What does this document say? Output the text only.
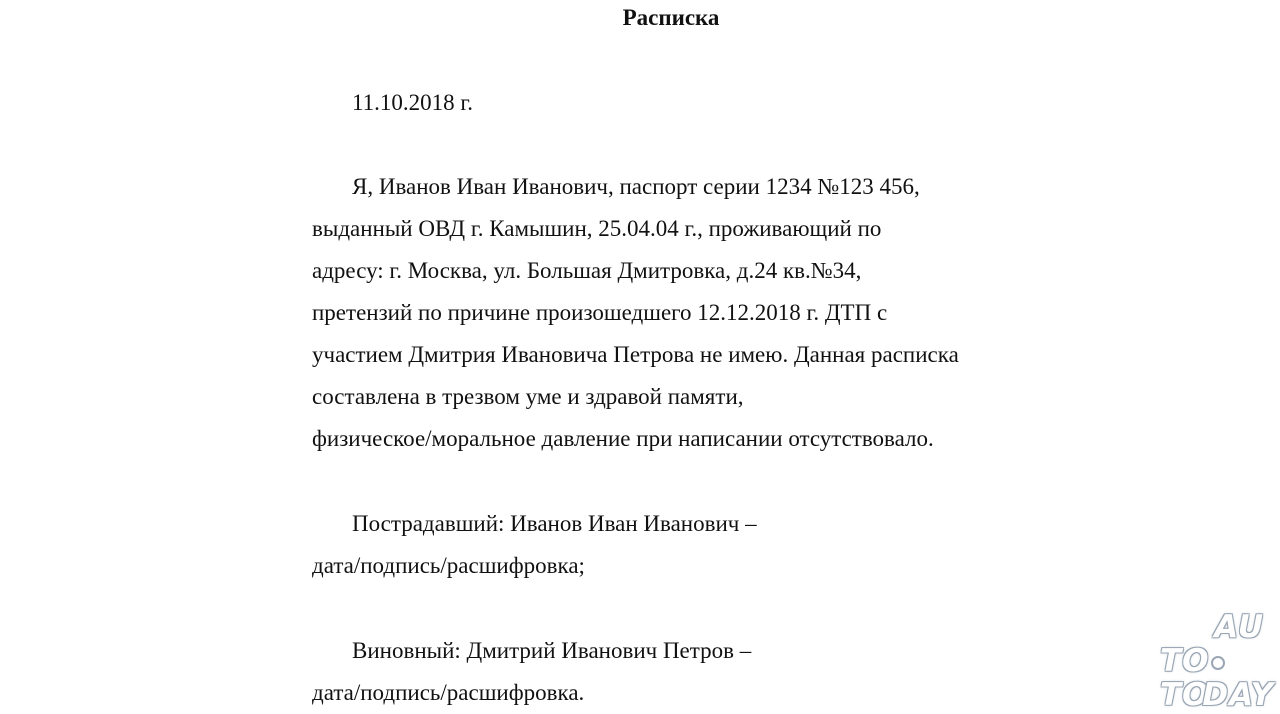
Расписка
11.10.2018 г.
Я, Иванов Иван Иванович, паспорт серии 1234 №123 456,
выданный ОВД г. Камышин, 25.04.04 г., проживающий по
адресу: г. Москва, ул. Большая Дмитровка, д.24 кв.№34,
претензий по причине произошедшего 12.12.2018 г. ДТП с
участием Дмитрия Ивановича Петрова не имею. Данная расписка
составлена в трезвом уме и здравой памяти,
физическое/моральное давление при написании отсутствовало.
Пострадавший: Иванов Иван Иванович –
дата/подпись/расшифровка;
Виновный: Дмитрий Иванович Петров –
дата/подпись/расшифровка.
AU
TOTO
DAY
